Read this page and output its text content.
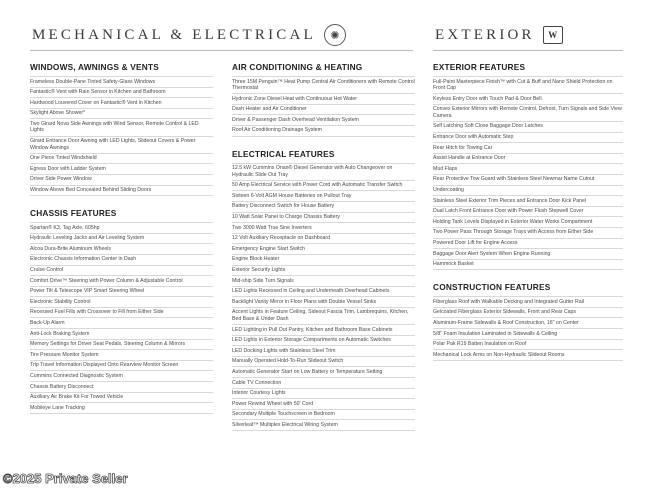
MECHANICAL & ELECTRICAL	✺	EXTERIOR	W
WINDOWS, AWNINGS & VENTS
Frameless Double-Pane Tinted Safety-Glass Windows
Fantastic® Vent with Rain Sensor in Kitchen and Bathroom
Hardwood Louvered Cover on Fantastic® Vent in Kitchen
Skylight Above Shower*
Two Girard Nova Side Awnings with Wind Sensor, Remote Control & LED Lights
Girard Entrance Door Awning with LED Lights, Slideout Covers & Power Window Awnings
One Piece Tinted Windshield
Egress Door with Ladder System
Driver Side Power Window
Window Above Bed Concealed Behind Sliding Doors
CHASSIS FEATURES
Spartan® K3, Tag Axle, 605hp
Hydraulic Leveling Jacks and Air Leveling System
Alcoa Dura-Brite Aluminum Wheels
Electronic Chassis Information Center in Dash
Cruise Control
Comfort Drive™ Steering with Power Column & Adjustable Control
Power Tilt & Telescope VIP Smart Steering Wheel
Electronic Stability Control
Recessed Fuel Fills with Crossover to Fill from Either Side
Back-Up Alarm
Anti-Lock Braking System
Memory Settings for Driver Seat Pedals, Steering Column & Mirrors
Tire Pressure Monitor System
Trip Travel Information Displayed Onto Rearview Monitor Screen
Cummins Connected Diagnostic System
Chassis Battery Disconnect
Auxiliary Air Brake Kit For Towed Vehicle
Mobileye Lane Tracking
AIR CONDITIONING & HEATING
Three 15M Penguin™ Heat Pump Central Air Conditioners with Remote Control Thermostat
Hydronic Zone Diesel Heat with Continuous Hot Water
Dash Heater and Air Conditioner
Driver & Passenger Dash Overhead Ventilation System
Roof Air Conditioning Drainage System
ELECTRICAL FEATURES
12.5 kW Cummins Onan® Diesel Generator with Auto Changeover on Hydraulic Slide Out Tray
50 Amp Electrical Service with Power Cord with Automatic Transfer Switch
Sixteen 6-Volt AGM House Batteries on Pullout Tray
Battery Disconnect Switch for House Battery
10 Watt Solar Panel to Charge Chassis Battery
Two 3000 Watt True Sine Inverters
12 Volt Auxiliary Receptacle on Dashboard
Emergency Engine Start Switch
Engine Block Heater
Exterior Security Lights
Mid-ship Side Turn Signals
LED Lights Recessed in Ceiling and Underneath Overhead Cabinets
Backlight Vanity Mirror in Floor Plans with Double Vessel Sinks
Accent Lights in Feature Ceiling, Sideout Fascia Trim, Lambrequins, Kitchen, Bed Base & Under Dash
LED Lighting in Pull Out Pantry, Kitchen and Bathroom Base Cabinets
LED Lights in Exterior Storage Compartments on Automatic Switches
LED Docking Lights with Stainless Steel Trim
Manually Operated Hold-To-Run Slideout Switch
Automatic Generator Start on Low Battery or Temperature Setting
Cable TV Connection
Interior Courtesy Lights
Power Rewind Wheel with 50' Cord
Secondary Multiple Touchscreen in Bedroom
Silverleaf™ Multiplex Electrical Wiring System
EXTERIOR FEATURES
Full-Paint Masterpiece Finish™ with Cut & Buff and Nano Shield Protection on Front Cap
Keyless Entry Door with Touch Pad & Door Bell
Convex Exterior Mirrors with Remote Control, Defrost, Turn Signals and Side View Camera
Self Latching Soft Close Baggage Door Latches
Entrance Door with Automatic Step
Rear Hitch for Towing Car
Assist Handle at Entrance Door
Mud Flaps
Rear Protective Tow Guard with Stainless Steel Newmar Name Cutout
Undercoating
Stainless Steel Exterior Trim Pieces and Entrance Door Kick Panel
Dual Latch Front Entrance Door with Power Flush Stepwell Cover
Holding Tank Levels Displayed in Exterior Water Works Compartment
Two Power Pass Through Storage Trays with Access from Either Side
Powered Door Lift for Engine Access
Baggage Door Alert System When Engine Running
Hammock Basket
CONSTRUCTION FEATURES
Fiberglass Roof with Walkable Decking and Integrated Gutter Rail
Gelcoated Fiberglass Exterior Sidewalls, Front and Rear Caps
Aluminum-Frame Sidewalls & Roof Construction, 16" on Center
5/8" Foam Insulation Laminated in Sidewalls & Ceiling
Polar Pak R19 Batten Insulation on Roof
Mechanical Lock Arms on Non-Hydraulic Slideout Rooms
©2025 Private Seller
